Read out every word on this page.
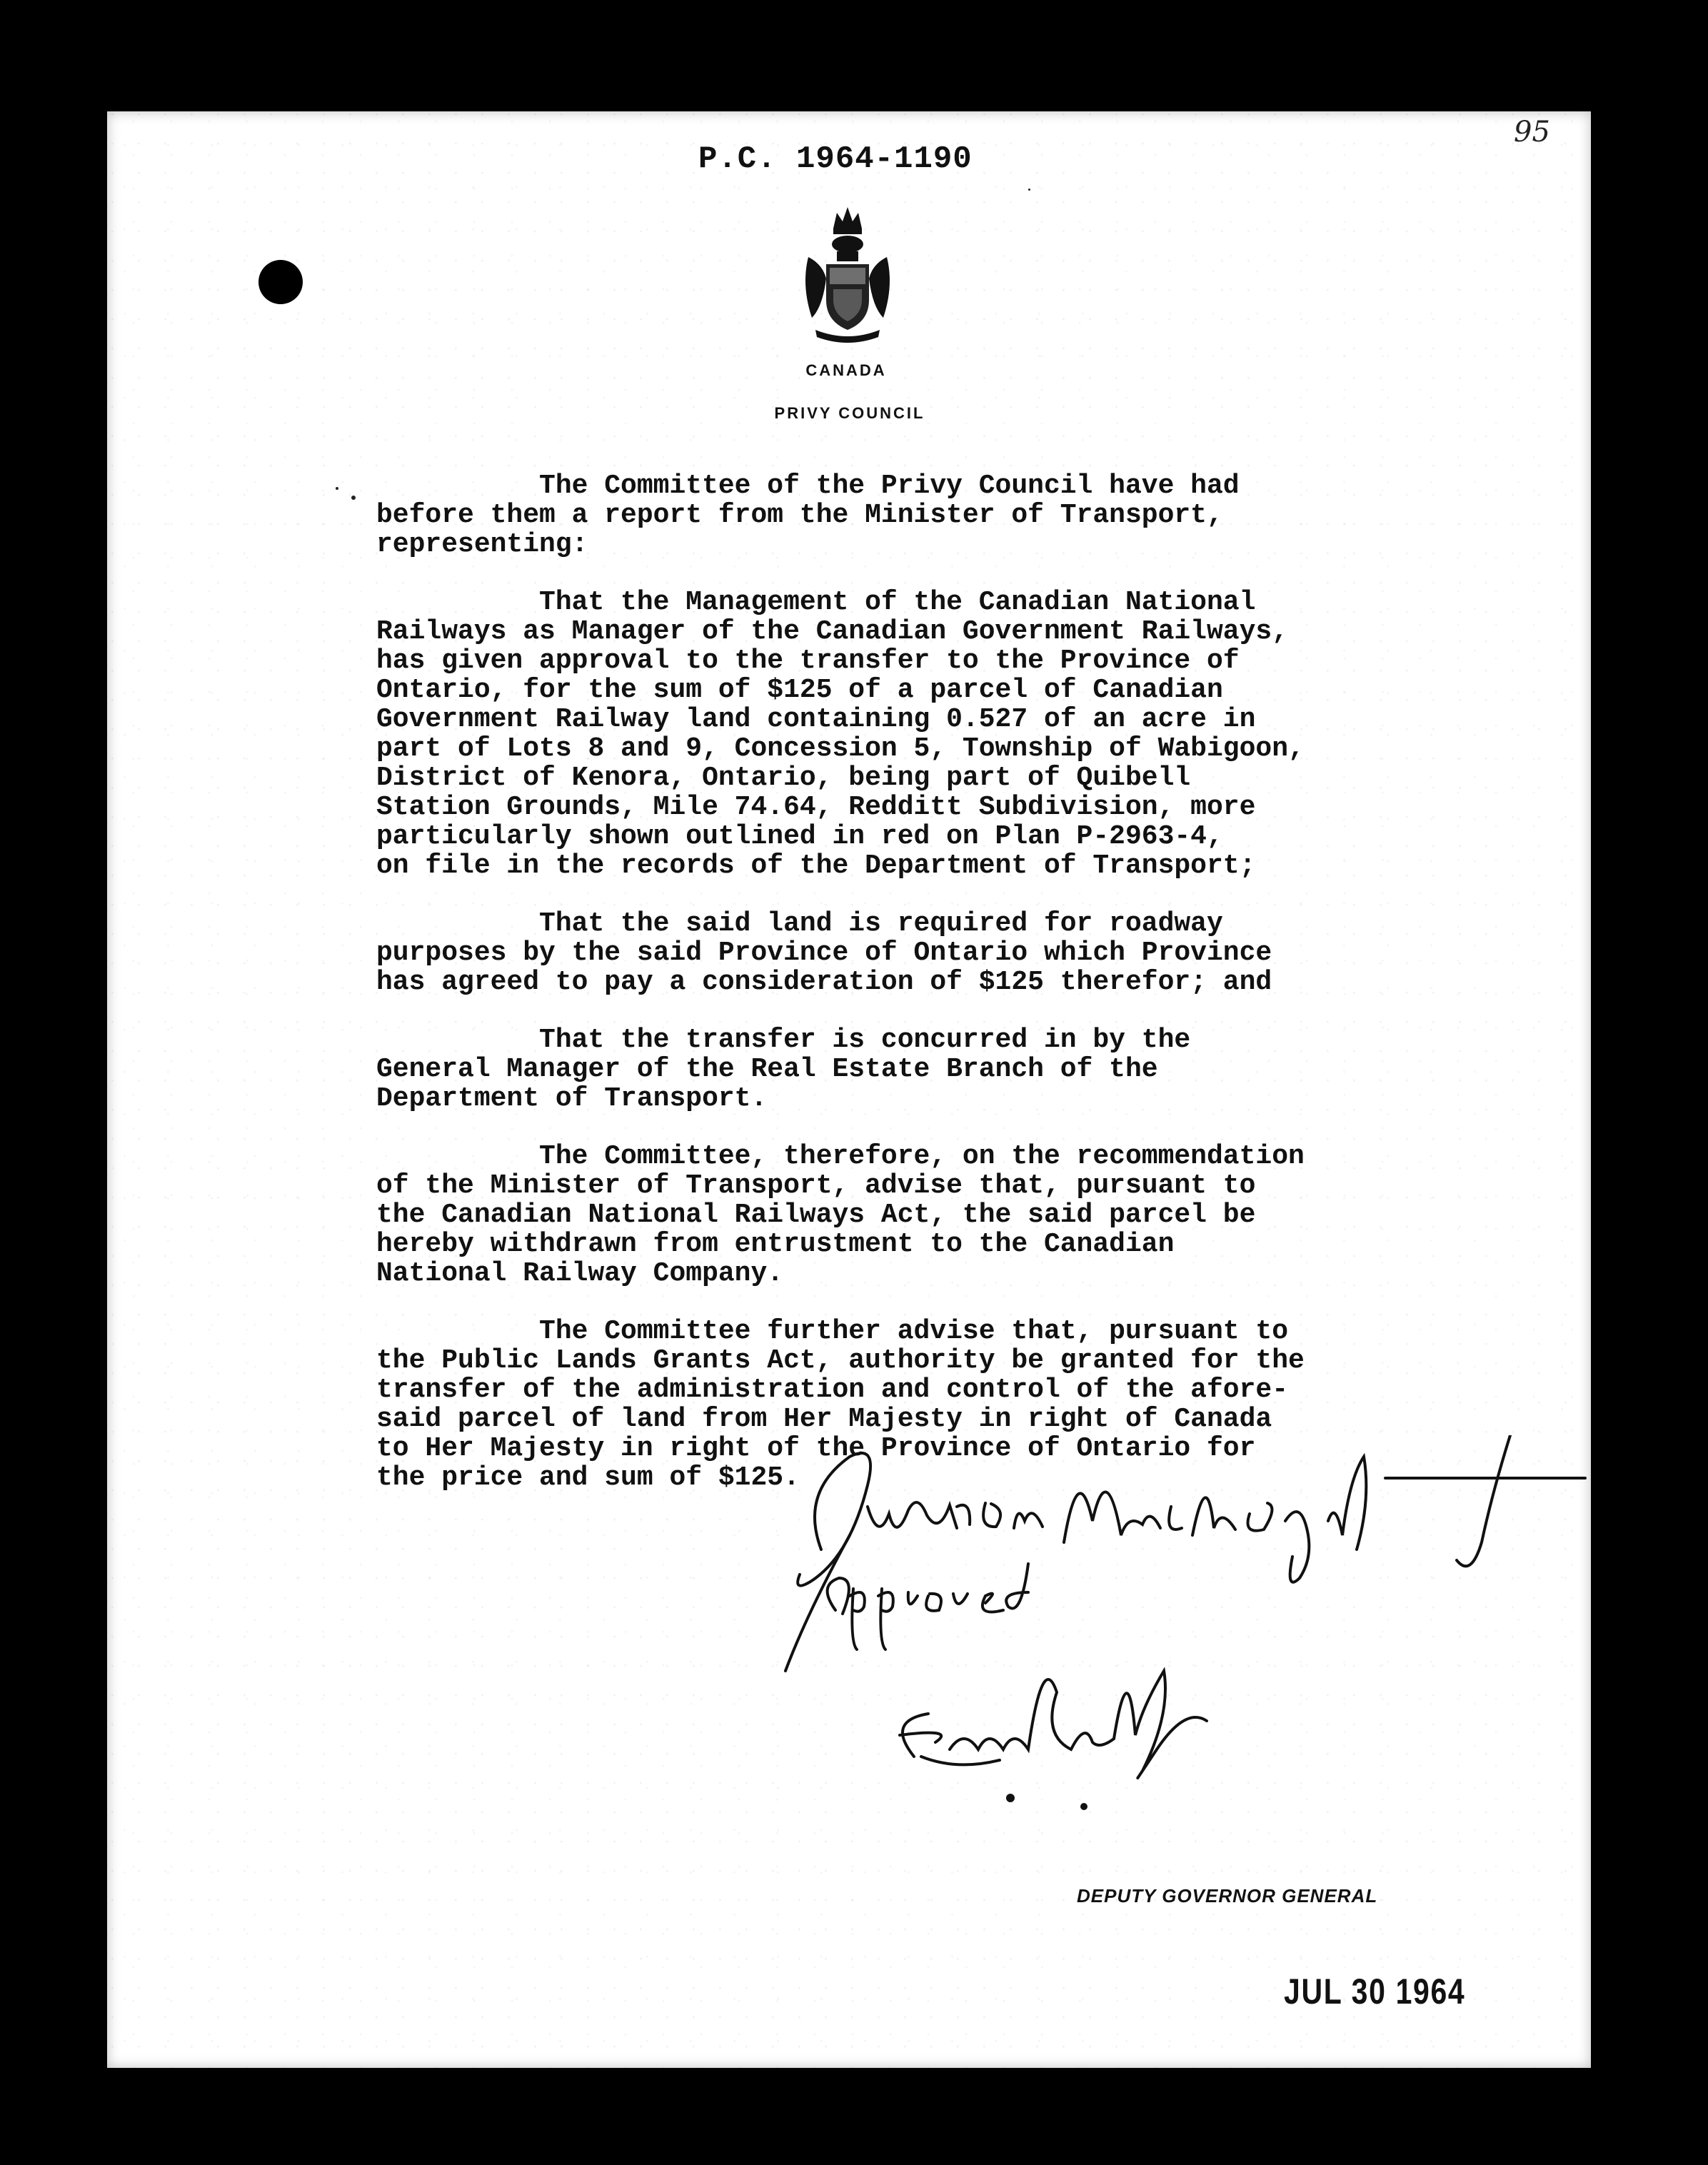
95
P.C. 1964-1190
CANADA
PRIVY COUNCIL
The Committee of the Privy Council have had
before them a report from the Minister of Transport,
representing:
That the Management of the Canadian National
Railways as Manager of the Canadian Government Railways,
has given approval to the transfer to the Province of
Ontario, for the sum of $125 of a parcel of Canadian
Government Railway land containing 0.527 of an acre in
part of Lots 8 and 9, Concession 5, Township of Wabigoon,
District of Kenora, Ontario, being part of Quibell
Station Grounds, Mile 74.64, Redditt Subdivision, more
particularly shown outlined in red on Plan P-2963-4,
on file in the records of the Department of Transport;
That the said land is required for roadway
purposes by the said Province of Ontario which Province
has agreed to pay a consideration of $125 therefor; and
That the transfer is concurred in by the
General Manager of the Real Estate Branch of the
Department of Transport.
The Committee, therefore, on the recommendation
of the Minister of Transport, advise that, pursuant to
the Canadian National Railways Act, the said parcel be
hereby withdrawn from entrustment to the Canadian
National Railway Company.
The Committee further advise that, pursuant to
the Public Lands Grants Act, authority be granted for the
transfer of the administration and control of the afore-
said parcel of land from Her Majesty in right of Canada
to Her Majesty in right of the Province of Ontario for
the price and sum of $125.
DEPUTY GOVERNOR GENERAL
JUL 30 1964
